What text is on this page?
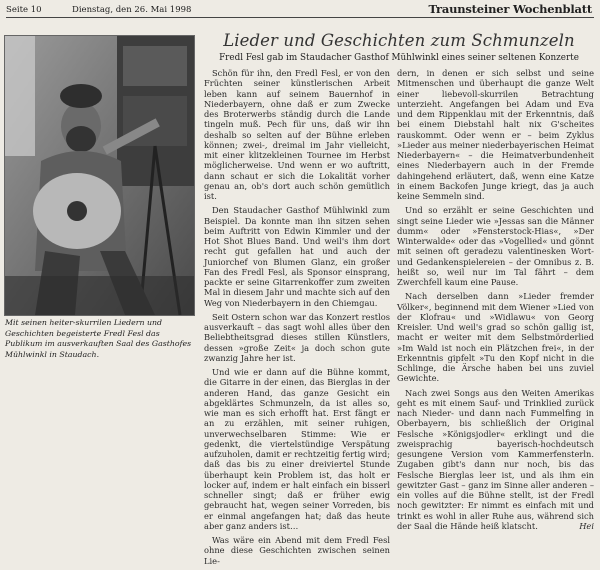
Seite 10	Dienstag, den 26. Mai 1998	Traunsteiner Wochenblatt
Mit seinen heiter-skurrilen Liedern und Geschichten begeisterte Fredl Fesl das Publikum im ausverkauften Saal des Gasthofes Mühlwinkl in Staudach.
Lieder und Geschichten zum Schmunzeln
Fredl Fesl gab im Staudacher Gasthof Mühlwinkl eines seiner seltenen Konzerte

Schön für ihn, den Fredl Fesl, er von den Früchten seiner künstlerischen Arbeit leben kann auf seinem Bauernhof in Niederbayern, ohne daß er zum Zwecke des Broterwerbs ständig durch die Lande tingeln muß. Pech für uns, daß wir ihn deshalb so selten auf der Bühne erleben können; zwei-, dreimal im Jahr vielleicht, mit einer klitzekleinen Tournee im Herbst möglicherweise. Und wenn er wo auftritt, dann schaut er sich die Lokalität vorher genau an, ob's dort auch schön gemütlich ist.

Den Staudacher Gasthof Mühlwinkl zum Beispiel. Da konnte man ihn sitzen sehen beim Auftritt von Edwin Kimmler und der Hot Shot Blues Band. Und weil's ihm dort recht gut gefallen hat und auch der Juniorchef von Blumen Glanz, ein großer Fan des Fredl Fesl, als Sponsor einsprang, packte er seine Gitarrenkoffer zum zweiten Mal in diesem Jahr und machte sich auf den Weg von Niederbayern in den Chiemgau.

Seit Ostern schon war das Konzert restlos ausverkauft – das sagt wohl alles über den Beliebtheitsgrad dieses stillen Künstlers, dessen »große Zeit« ja doch schon gute zwanzig Jahre her ist.

Und wie er dann auf die Bühne kommt, die Gitarre in der einen, das Bierglas in der anderen Hand, das ganze Gesicht ein abgeklärtes Schmunzeln, da ist alles so, wie man es sich erhofft hat. Erst fängt er an zu erzählen, mit seiner ruhigen, unverwechselbaren Stimme: Wie er gedenkt, die viertelstündige Verspätung aufzuholen, damit er rechtzeitig fertig wird; daß das bis zu einer dreiviertel Stunde überhaupt kein Problem ist, das holt er locker auf, indem er halt einfach ein bisserl schneller singt; daß er früher ewig gebraucht hat, wegen seiner Vorreden, bis er einmal angefangen hat; daß das heute aber ganz anders ist…

Was wäre ein Abend mit dem Fredl Fesl ohne diese Geschichten zwischen seinen Lie-

dern, in denen er sich selbst und seine Mitmenschen und überhaupt die ganze Welt einer liebevoll-skurrilen Betrachtung unterzieht. Angefangen bei Adam und Eva und dem Rippenklau mit der Erkenntnis, daß bei einem Diebstahl halt nix G'scheites rauskommt. Oder wenn er – beim Zyklus »Lieder aus meiner niederbayerischen Heimat Niederbayern« – die Heimatverbundenheit eines Niederbayern auch in der Fremde dahingehend erläutert, daß, wenn eine Katze in einem Backofen Junge kriegt, das ja auch keine Semmeln sind.

Und so erzählt er seine Geschichten und singt seine Lieder wie »Jessas san die Männer dumm« oder »Fensterstock-Hias«, »Der Winterwalde« oder das »Vogellied« und gönnt mit seinen oft geradezu valentinesken Wort- und Gedankenspielereien – der Omnibus z. B. heißt so, weil nur im Tal fährt – dem Zwerchfell kaum eine Pause.

Nach derselben dann »Lieder fremder Völker«, beginnend mit dem Wiener »Lied von der Klofrau« und »Widlawu« von Georg Kreisler. Und weil's grad so schön gallig ist, macht er weiter mit dem Selbstmörderlied »Im Wald ist noch ein Plätzchen frei«, in der Erkenntnis gipfelt »Tu den Kopf nicht in die Schlinge, die Ärsche haben bei uns zuviel Gewichte.

Nach zwei Songs aus den Weiten Amerikas geht es mit einem Sauf- und Trinklied zurück nach Nieder- und dann nach Fummelfing in Oberbayern, bis schließlich der Original Feslsche »Königsjodler« erklingt und die zweisprachig bayerisch-hochdeutsch gesungene Version vom Kammerfensterln. Zugaben gibt's dann nur noch, bis das Feslsche Bierglas leer ist, und als ihm ein gewitzter Gast – ganz im Sinne aller anderen – ein volles auf die Bühne stellt, ist der Fredl noch gewitzter: Er nimmt es einfach mit und trinkt es wohl in aller Ruhe aus, während sich der Saal die Hände heiß klatscht.	Hei
